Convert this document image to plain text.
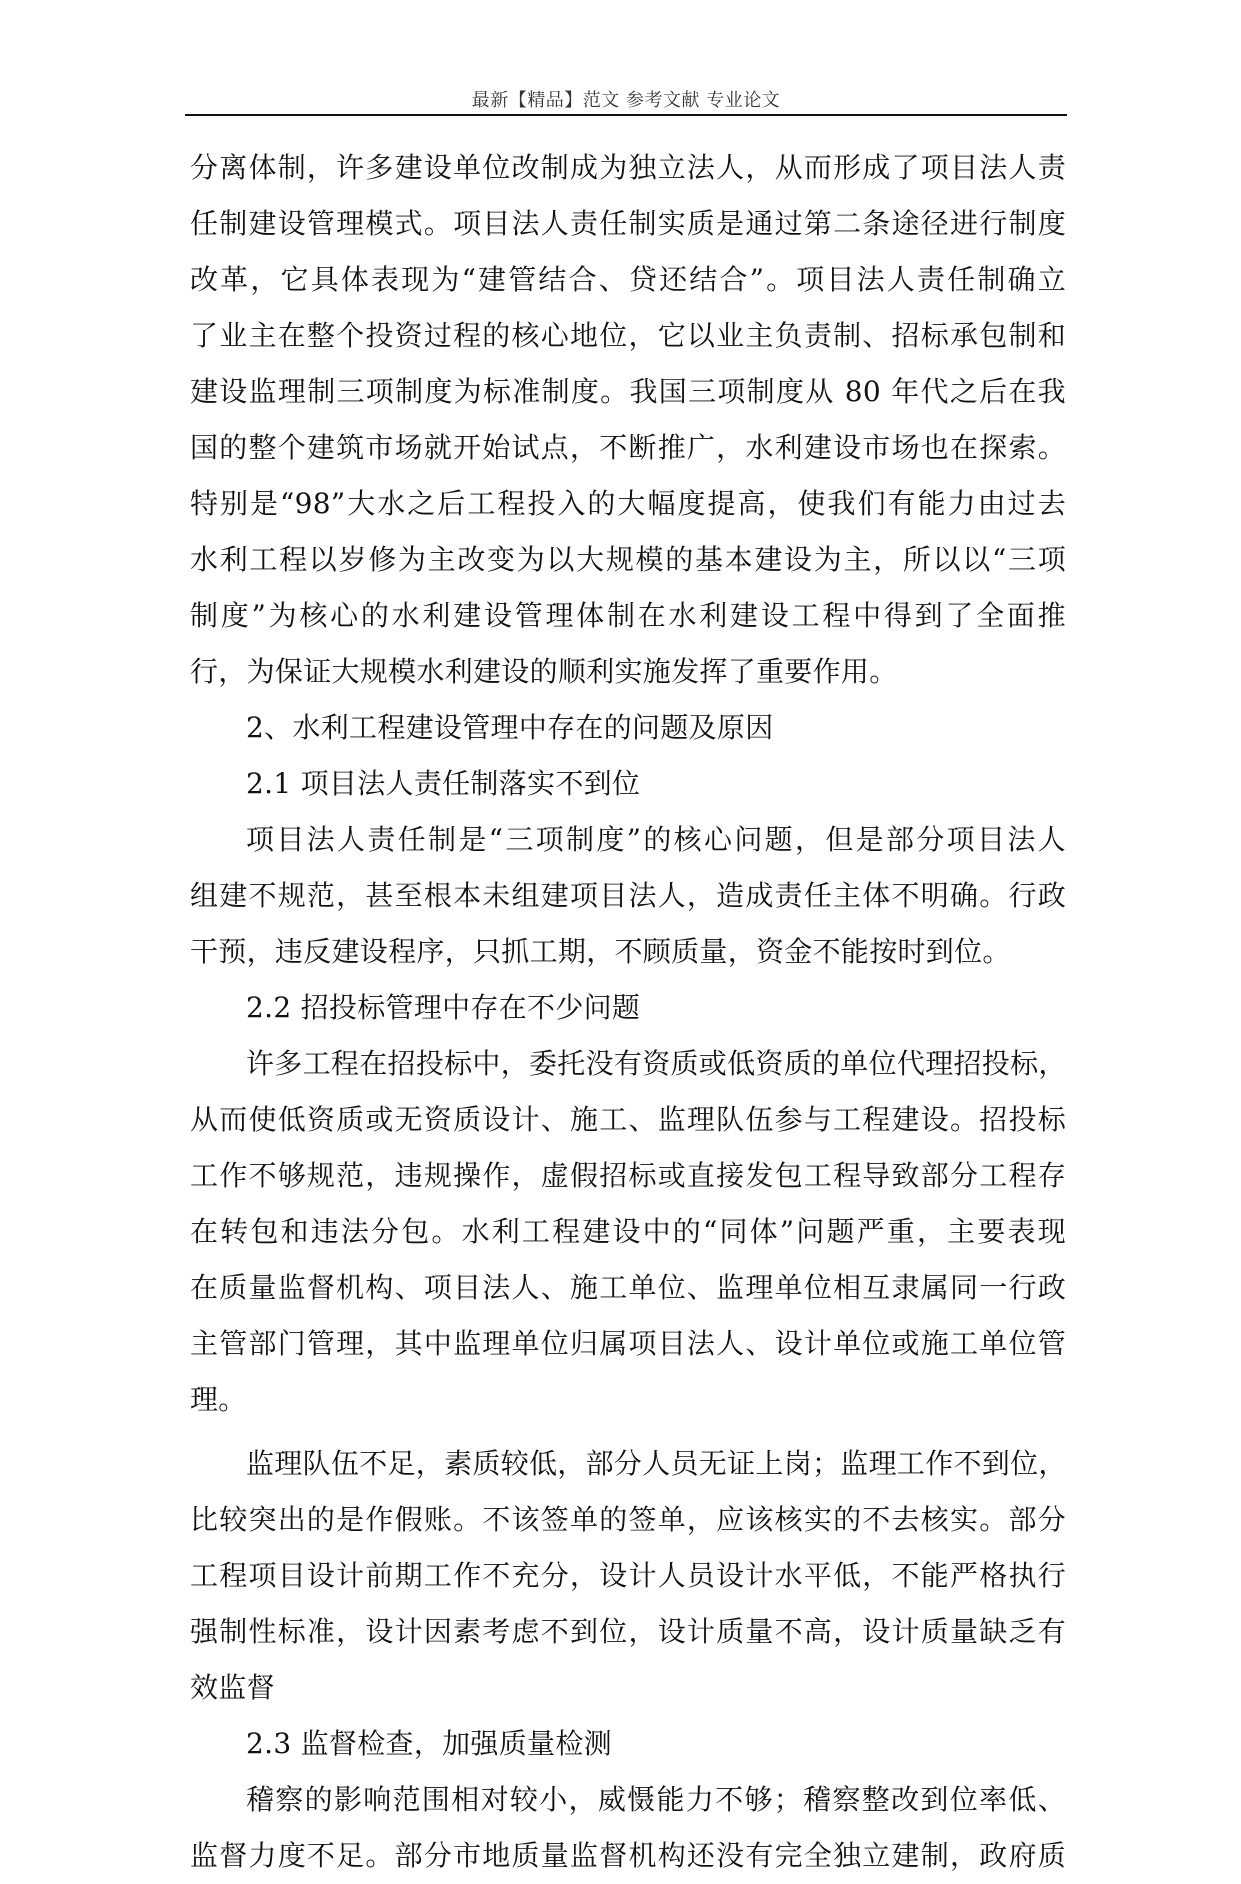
最新【精品】范文 参考文献 专业论文
分离体制，许多建设单位改制成为独立法人，从而形成了项目法人责
任制建设管理模式。项目法人责任制实质是通过第二条途径进行制度
改革，它具体表现为“建管结合、贷还结合”。项目法人责任制确立
了业主在整个投资过程的核心地位，它以业主负责制、招标承包制和
建设监理制三项制度为标准制度。我国三项制度从 80 年代之后在我
国的整个建筑市场就开始试点，不断推广，水利建设市场也在探索。
特别是“98”大水之后工程投入的大幅度提高，使我们有能力由过去
水利工程以岁修为主改变为以大规模的基本建设为主，所以以“三项
制度”为核心的水利建设管理体制在水利建设工程中得到了全面推
行，为保证大规模水利建设的顺利实施发挥了重要作用。
2、水利工程建设管理中存在的问题及原因
2.1 项目法人责任制落实不到位
项目法人责任制是“三项制度”的核心问题，但是部分项目法人
组建不规范，甚至根本未组建项目法人，造成责任主体不明确。行政
干预，违反建设程序，只抓工期，不顾质量，资金不能按时到位。
2.2 招投标管理中存在不少问题
许多工程在招投标中，委托没有资质或低资质的单位代理招投标，
从而使低资质或无资质设计、施工、监理队伍参与工程建设。招投标
工作不够规范，违规操作，虚假招标或直接发包工程导致部分工程存
在转包和违法分包。水利工程建设中的“同体”问题严重，主要表现
在质量监督机构、项目法人、施工单位、监理单位相互隶属同一行政
主管部门管理，其中监理单位归属项目法人、设计单位或施工单位管
理。
监理队伍不足，素质较低，部分人员无证上岗；监理工作不到位，
比较突出的是作假账。不该签单的签单，应该核实的不去核实。部分
工程项目设计前期工作不充分，设计人员设计水平低，不能严格执行
强制性标准，设计因素考虑不到位，设计质量不高，设计质量缺乏有
效监督
2.3 监督检查，加强质量检测
稽察的影响范围相对较小，威慑能力不够；稽察整改到位率低、
监督力度不足。部分市地质量监督机构还没有完全独立建制，政府质
